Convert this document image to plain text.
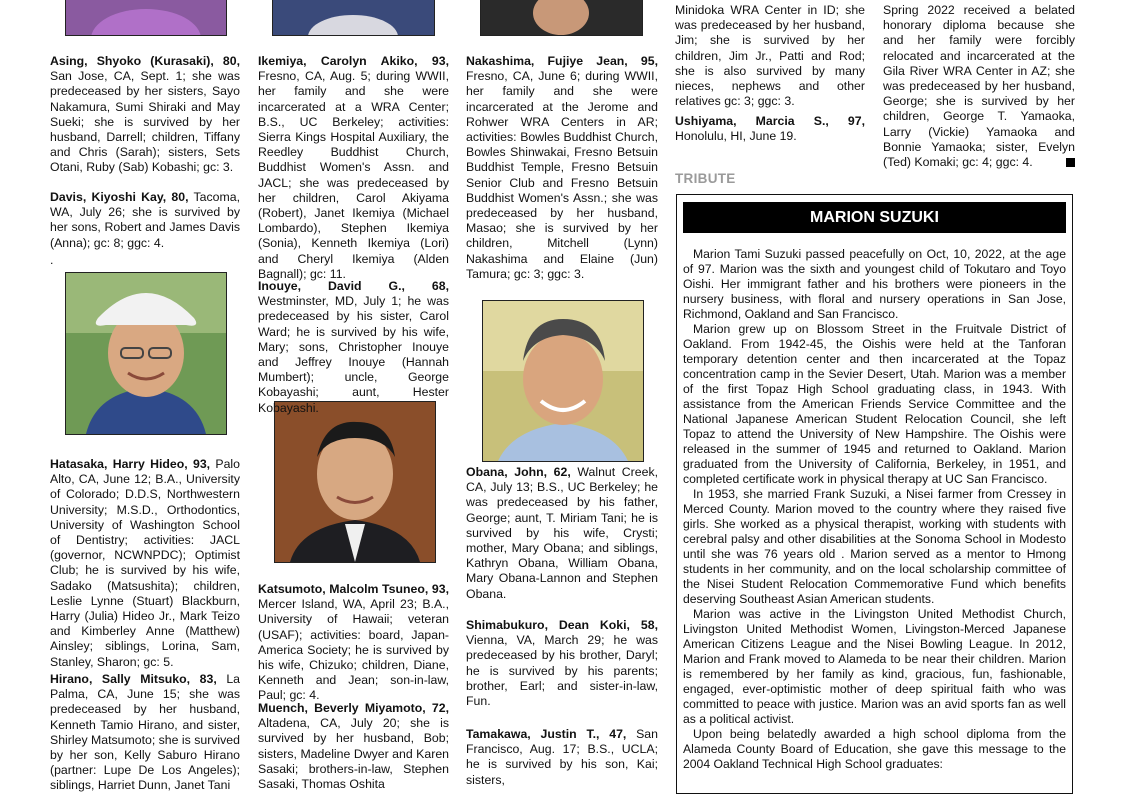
Asing, Shyoko (Kurasaki), 80, San Jose, CA, Sept. 1; she was predeceased by her sisters, Sayo Nakamura, Sumi Shiraki and May Sueki; she is survived by her husband, Darrell; children, Tiffany and Chris (Sarah); sisters, Sets Otani, Ruby (Sab) Kobashi; gc: 3.
Davis, Kiyoshi Kay, 80, Tacoma, WA, July 26; she is survived by her sons, Robert and James Davis (Anna); gc: 8; ggc: 4.
.
Hatasaka, Harry Hideo, 93, Palo Alto, CA, June 12; B.A., University of Colorado; D.D.S, Northwestern University; M.S.D., Orthodontics, University of Washington School of Dentistry; activities: JACL (governor, NCWNPDC); Optimist Club; he is survived by his wife, Sadako (Matsushita); children, Leslie Lynne (Stuart) Blackburn, Harry (Julia) Hideo Jr., Mark Teizo and Kimberley Anne (Matthew) Ainsley; siblings, Lorina, Sam, Stanley, Sharon; gc: 5.
Hirano, Sally Mitsuko, 83, La Palma, CA, June 15; she was predeceased by her husband, Kenneth Tamio Hirano, and sister, Shirley Matsumoto; she is survived by her son, Kelly Saburo Hirano (partner: Lupe De Los Angeles); siblings, Harriet Dunn, Janet Tani
Ikemiya, Carolyn Akiko, 93, Fresno, CA, Aug. 5; during WWII, her family and she were incarcerated at a WRA Center; B.S., UC Berkeley; activities: Sierra Kings Hospital Auxiliary, the Reedley Buddhist Church, Buddhist Women's Assn. and JACL; she was predeceased by her children, Carol Akiyama (Robert), Janet Ikemiya (Michael Lombardo), Stephen Ikemiya (Sonia), Kenneth Ikemiya (Lori) and Cheryl Ikemiya (Alden Bagnall); gc: 11.
Inouye, David G., 68, Westminster, MD, July 1; he was predeceased by his sister, Carol Ward; he is survived by his wife, Mary; sons, Christopher Inouye and Jeffrey Inouye (Hannah Mumbert); uncle, George Kobayashi; aunt, Hester Kobayashi.
Katsumoto, Malcolm Tsuneo, 93, Mercer Island, WA, April 23; B.A., University of Hawaii; veteran (USAF); activities: board, Japan-America Society; he is survived by his wife, Chizuko; children, Diane, Kenneth and Jean; son-in-law, Paul; gc: 4.
Muench, Beverly Miyamoto, 72, Altadena, CA, July 20; she is survived by her husband, Bob; sisters, Madeline Dwyer and Karen Sasaki; brothers-in-law, Stephen Sasaki, Thomas Oshita
Nakashima, Fujiye Jean, 95, Fresno, CA, June 6; during WWII, her family and she were incarcerated at the Jerome and Rohwer WRA Centers in AR; activities: Bowles Buddhist Church, Bowles Shinwakai, Fresno Betsuin Buddhist Temple, Fresno Betsuin Senior Club and Fresno Betsuin Buddhist Women's Assn.; she was predeceased by her husband, Masao; she is survived by her children, Mitchell (Lynn) Nakashima and Elaine (Jun) Tamura; gc: 3; ggc: 3.
Obana, John, 62, Walnut Creek, CA, July 13; B.S., UC Berkeley; he was predeceased by his father, George; aunt, T. Miriam Tani; he is survived by his wife, Crysti; mother, Mary Obana; and siblings, Kathryn Obana, William Obana, Mary Obana-Lannon and Stephen Obana.
Shimabukuro, Dean Koki, 58, Vienna, VA, March 29; he was predeceased by his brother, Daryl; he is survived by his parents; brother, Earl; and sister-in-law, Fun.
Tamakawa, Justin T., 47, San Francisco, Aug. 17; B.S., UCLA; he is survived by his son, Kai; sisters,
Minidoka WRA Center in ID; she was predeceased by her husband, Jim; she is survived by her children, Jim Jr., Patti and Rod; she is also survived by many nieces, nephews and other relatives gc: 3; ggc: 3.
Ushiyama, Marcia S., 97, Honolulu, HI, June 19.
Spring 2022 received a belated honorary diploma because she and her family were forcibly relocated and incarcerated at the Gila River WRA Center in AZ; she was predeceased by her husband, George; she is survived by her children, George T. Yamaoka, Larry (Vickie) Yamaoka and Bonnie Yamaoka; sister, Evelyn (Ted) Komaki; gc: 4; ggc: 4.
TRIBUTE
MARION SUZUKI

Marion Tami Suzuki passed peacefully on Oct, 10, 2022, at the age of 97. Marion was the sixth and youngest child of Tokutaro and Toyo Oishi. Her immigrant father and his brothers were pioneers in the nursery business, with floral and nursery operations in San Jose, Richmond, Oakland and San Francisco.

Marion grew up on Blossom Street in the Fruitvale District of Oakland. From 1942-45, the Oishis were held at the Tanforan temporary detention center and then incarcerated at the Topaz concentration camp in the Sevier Desert, Utah. Marion was a member of the first Topaz High School graduating class, in 1943. With assistance from the American Friends Service Committee and the National Japanese American Student Relocation Council, she left Topaz to attend the University of New Hampshire. The Oishis were released in the summer of 1945 and returned to Oakland. Marion graduated from the University of California, Berkeley, in 1951, and completed certificate work in physical therapy at UC San Francisco.

In 1953, she married Frank Suzuki, a Nisei farmer from Cressey in Merced County. Marion moved to the country where they raised five girls. She worked as a physical therapist, working with students with cerebral palsy and other disabilities at the Sonoma School in Modesto until she was 76 years old . Marion served as a mentor to Hmong students in her community, and on the local scholarship committee of the Nisei Student Relocation Commemorative Fund which benefits deserving Southeast Asian American students.

Marion was active in the Livingston United Methodist Church, Livingston United Methodist Women, Livingston-Merced Japanese American Citizens League and the Nisei Bowling League. In 2012, Marion and Frank moved to Alameda to be near their children. Marion is remembered by her family as kind, gracious, fun, fashionable, engaged, ever-optimistic mother of deep spiritual faith who was committed to peace with justice. Marion was an avid sports fan as well as a political activist.

Upon being belatedly awarded a high school diploma from the Alameda County Board of Education, she gave this message to the 2004 Oakland Technical High School graduates:
